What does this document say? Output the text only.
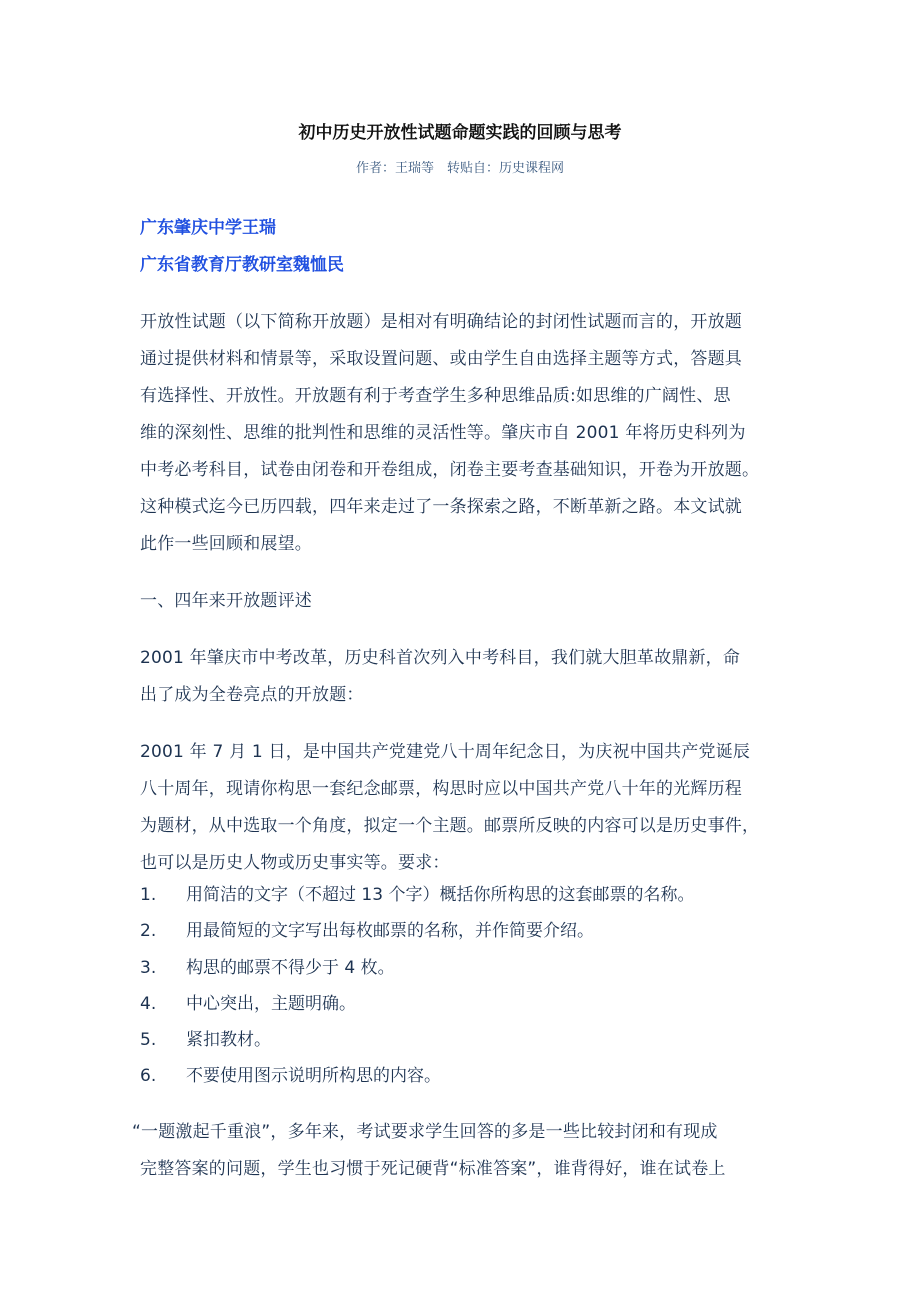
初中历史开放性试题命题实践的回顾与思考
作者：王瑞等　转贴自：历史课程网
广东肇庆中学王瑞
广东省教育厅教研室魏恤民
开放性试题（以下简称开放题）是相对有明确结论的封闭性试题而言的，开放题
通过提供材料和情景等，采取设置问题、或由学生自由选择主题等方式，答题具
有选择性、开放性。开放题有利于考查学生多种思维品质:如思维的广阔性、思
维的深刻性、思维的批判性和思维的灵活性等。肇庆市自 2001 年将历史科列为
中考必考科目，试卷由闭卷和开卷组成，闭卷主要考查基础知识，开卷为开放题。
这种模式迄今已历四载，四年来走过了一条探索之路，不断革新之路。本文试就
此作一些回顾和展望。
一、四年来开放题评述
2001 年肇庆市中考改革，历史科首次列入中考科目，我们就大胆革故鼎新，命
出了成为全卷亮点的开放题：
2001 年 7 月 1 日，是中国共产党建党八十周年纪念日，为庆祝中国共产党诞辰
八十周年，现请你构思一套纪念邮票，构思时应以中国共产党八十年的光辉历程
为题材，从中选取一个角度，拟定一个主题。邮票所反映的内容可以是历史事件，
也可以是历史人物或历史事实等。要求：
1. 用简洁的文字（不超过 13 个字）概括你所构思的这套邮票的名称。
2. 用最简短的文字写出每枚邮票的名称，并作简要介绍。
3. 构思的邮票不得少于 4 枚。
4. 中心突出，主题明确。
5. 紧扣教材。
6. 不要使用图示说明所构思的内容。
“一题激起千重浪”，多年来，考试要求学生回答的多是一些比较封闭和有现成
完整答案的问题，学生也习惯于死记硬背“标准答案”，谁背得好，谁在试卷上
